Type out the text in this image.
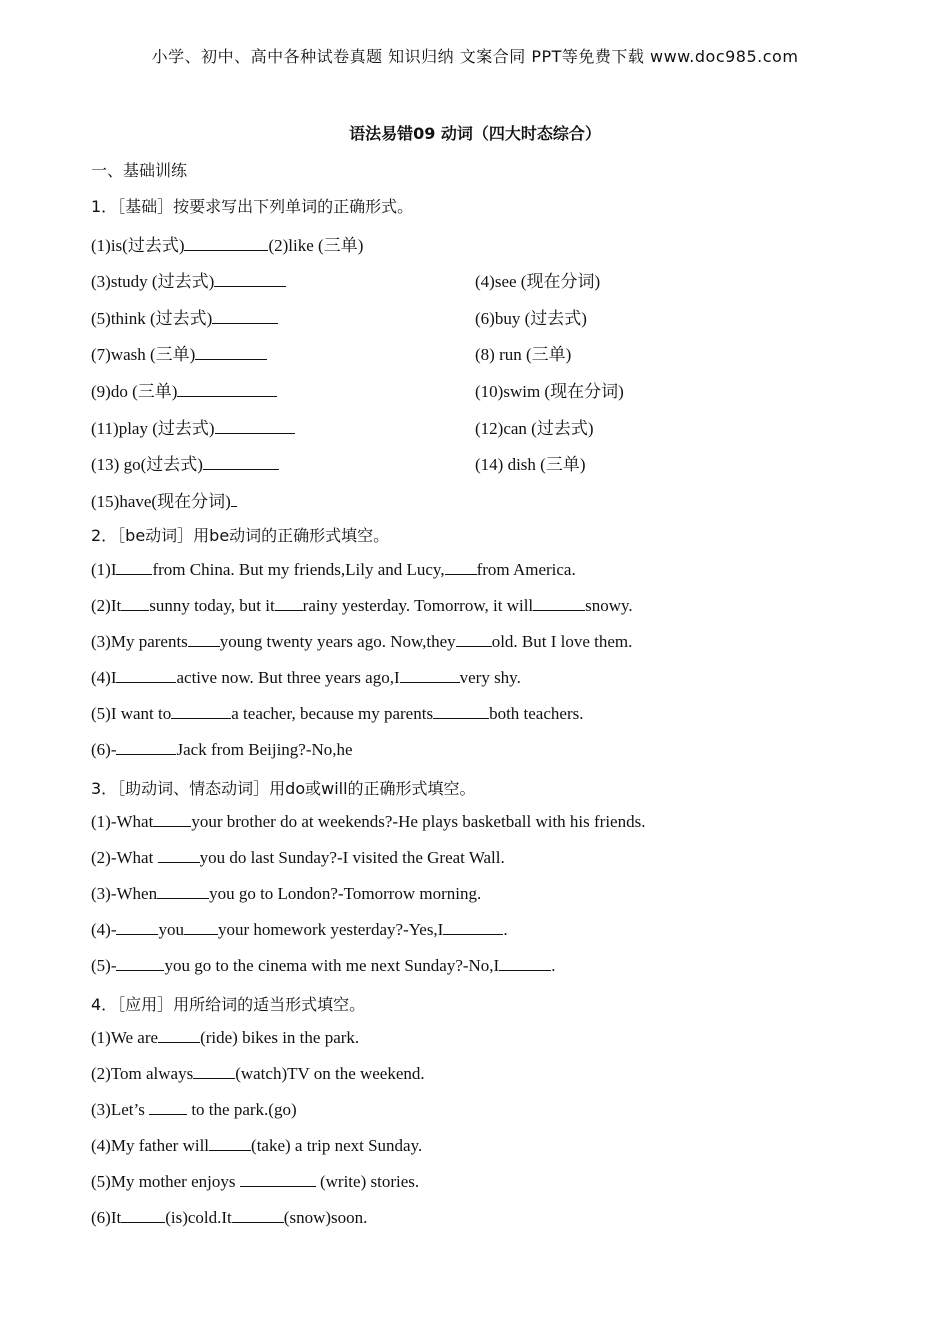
小学、初中、高中各种试卷真题 知识归纳 文案合同 PPT等免费下载 www.doc985.com
语法易错09 动词（四大时态综合）
一、基础训练
1．［基础］按要求写出下列单词的正确形式。
(1)is(过去式)	(2)like (三单)
(3)study (过去式)	(4)see (现在分词)
(5)think (过去式)	(6)buy (过去式)
(7)wash (三单)	(8) run (三单)
(9)do (三单)	(10)swim (现在分词)
(11)play (过去式)	(12)can (过去式)
(13) go(过去式)	(14) dish (三单)
(15)have(现在分词)
2．［be动词］用be动词的正确形式填空。
(1)I from China. But my friends,Lily and Lucy, from America.
(2)It sunny today, but it rainy yesterday. Tomorrow, it will	snowy.
(3)My parents young twenty years ago. Now,they old. But I love them.
(4)I	active now. But three years ago,I	very shy.
(5)I want to	a teacher, because my parents	both teachers.
(6)-	Jack from Beijing?-No,he
3．［助动词、情态动词］用do或will的正确形式填空。
(1)-What your brother do at weekends?-He plays basketball with his friends.
(2)-What you do last Sunday?-I visited the Great Wall.
(3)-When	you go to London?-Tomorrow morning.
(4)- you your homework yesterday?-Yes,I	.
(5)-	you go to the cinema with me next Sunday?-No,I	.
4．［应用］用所给词的适当形式填空。
(1)We are (ride) bikes in the park.
(2)Tom always (watch)TV on the weekend.
(3)Let’s  to the park.(go)
(4)My father will (take) a trip next Sunday.
(5)My mother enjoys	(write) stories.
(6)It	(is)cold.It	(snow)soon.
